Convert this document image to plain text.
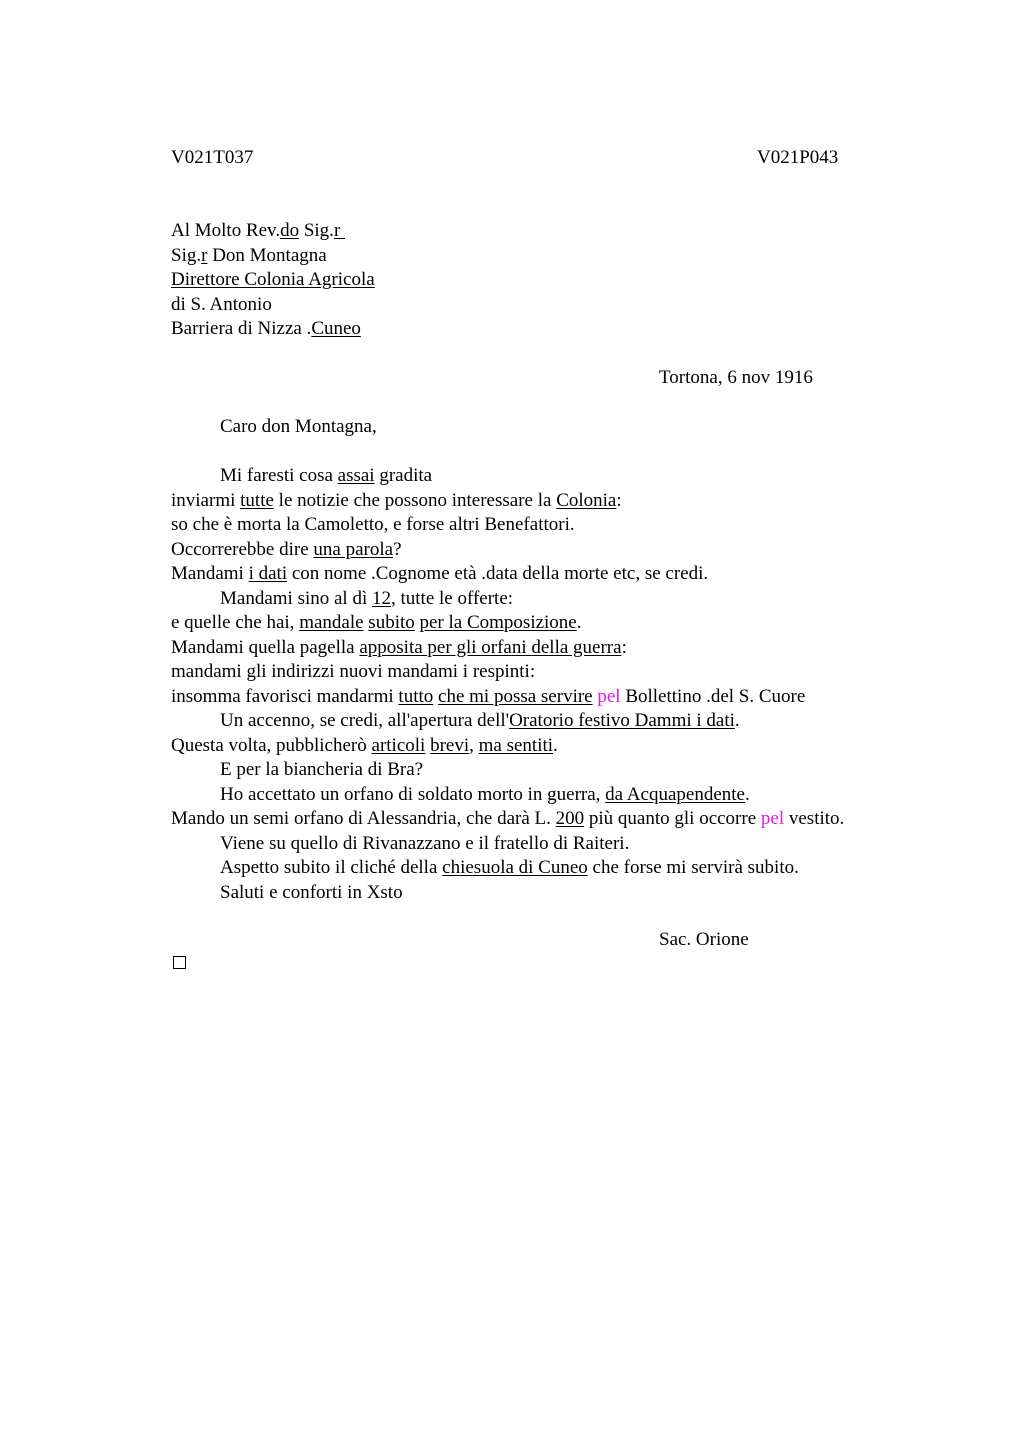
V021T037	V021P043
Al Molto Rev.do Sig.r
Sig.r Don Montagna
Direttore Colonia Agricola
di S. Antonio
Barriera di Nizza .Cuneo
Tortona, 6 nov 1916
Caro don Montagna,
Mi faresti cosa assai gradita
inviarmi tutte le notizie che possono interessare la Colonia:
so che è morta la Camoletto, e forse altri Benefattori.
Occorrerebbe dire una parola?
Mandami i dati con nome .Cognome età .data della morte etc, se credi.
Mandami sino al dì 12, tutte le offerte:
e quelle che hai, mandale subito per la Composizione.
Mandami quella pagella apposita per gli orfani della guerra:
mandami gli indirizzi nuovi mandami i respinti:
insomma favorisci mandarmi tutto che mi possa servire pel Bollettino .del S. Cuore
Un accenno, se credi, all'apertura dell'Oratorio festivo Dammi i dati.
Questa volta, pubblicherò articoli brevi, ma sentiti.
E per la biancheria di Bra?
Ho accettato un orfano di soldato morto in guerra, da Acquapendente.
Mando un semi orfano di Alessandria, che darà L. 200 più quanto gli occorre pel vestito.
Viene su quello di Rivanazzano e il fratello di Raiteri.
Aspetto subito il cliché della chiesuola di Cuneo che forse mi servirà subito.
Saluti e conforti in Xsto
Sac. Orione
